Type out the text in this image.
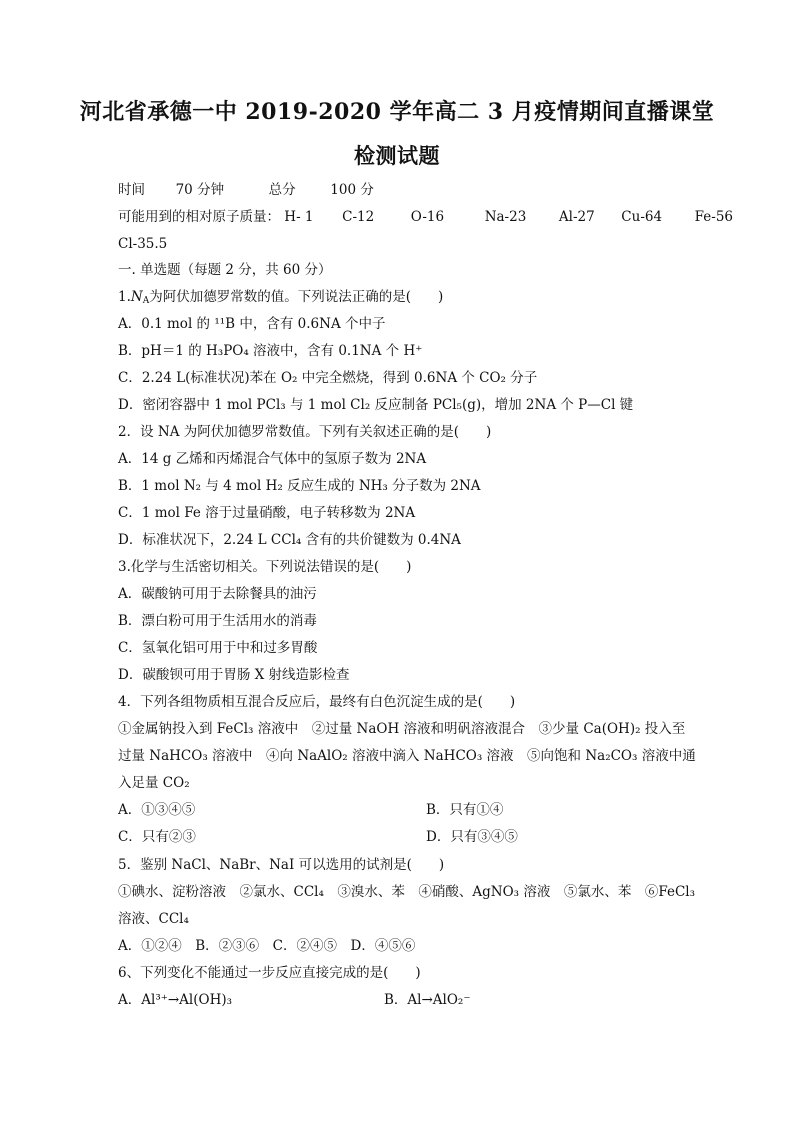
河北省承德一中 2019-2020 学年高二 3 月疫情期间直播课堂
检测试题
时间 70 分钟	总分	100 分
可能用到的相对原子质量： H- 1 C-12	O-16	Na-23 Al-27 Cu-64 Fe-56
Cl-35.5
一. 单选题（每题 2 分，共 60 分）
$1.N_A$为阿伏加德罗常数的值。下列说法正确的是(　　)
A．0.1 mol 的 ¹¹B 中，含有 0.6NA 个中子
B．pH＝1 的 H₃PO₄ 溶液中，含有 0.1NA 个 H⁺
C．2.24 L(标准状况)苯在 O₂ 中完全燃烧，得到 0.6NA 个 CO₂ 分子
D．密闭容器中 1 mol PCl₃ 与 1 mol Cl₂ 反应制备 PCl₅(g)，增加 2NA 个 P—Cl 键
2．设 NA 为阿伏加德罗常数值。下列有关叙述正确的是(　　)
A．14 g 乙烯和丙烯混合气体中的氢原子数为 2NA
B．1 mol N₂ 与 4 mol H₂ 反应生成的 NH₃ 分子数为 2NA
C．1 mol Fe 溶于过量硝酸，电子转移数为 2NA
D．标准状况下，2.24 L CCl₄ 含有的共价键数为 0.4NA
3.化学与生活密切相关。下列说法错误的是(　　)
A．碳酸钠可用于去除餐具的油污
B．漂白粉可用于生活用水的消毒
C．氢氧化铝可用于中和过多胃酸
D．碳酸钡可用于胃肠 X 射线造影检查
4．下列各组物质相互混合反应后，最终有白色沉淀生成的是(　　)
①金属钠投入到 FeCl₃ 溶液中　②过量 NaOH 溶液和明矾溶液混合　③少量 Ca(OH)₂ 投入至
过量 NaHCO₃ 溶液中　④向 NaAlO₂ 溶液中滴入 NaHCO₃ 溶液　⑤向饱和 Na₂CO₃ 溶液中通
入足量 CO₂
A．①③④⑤	B．只有①④
C．只有②③	D．只有③④⑤
5．鉴别 NaCl、NaBr、NaI 可以选用的试剂是(　　)
①碘水、淀粉溶液　②氯水、CCl₄　③溴水、苯　④硝酸、AgNO₃ 溶液　⑤氯水、苯　⑥FeCl₃
溶液、CCl₄
A．①②④　B．②③⑥　C．②④⑤　D．④⑤⑥
6、下列变化不能通过一步反应直接完成的是(　　)
A．Al³⁺→Al(OH)₃	B．Al→AlO₂⁻
